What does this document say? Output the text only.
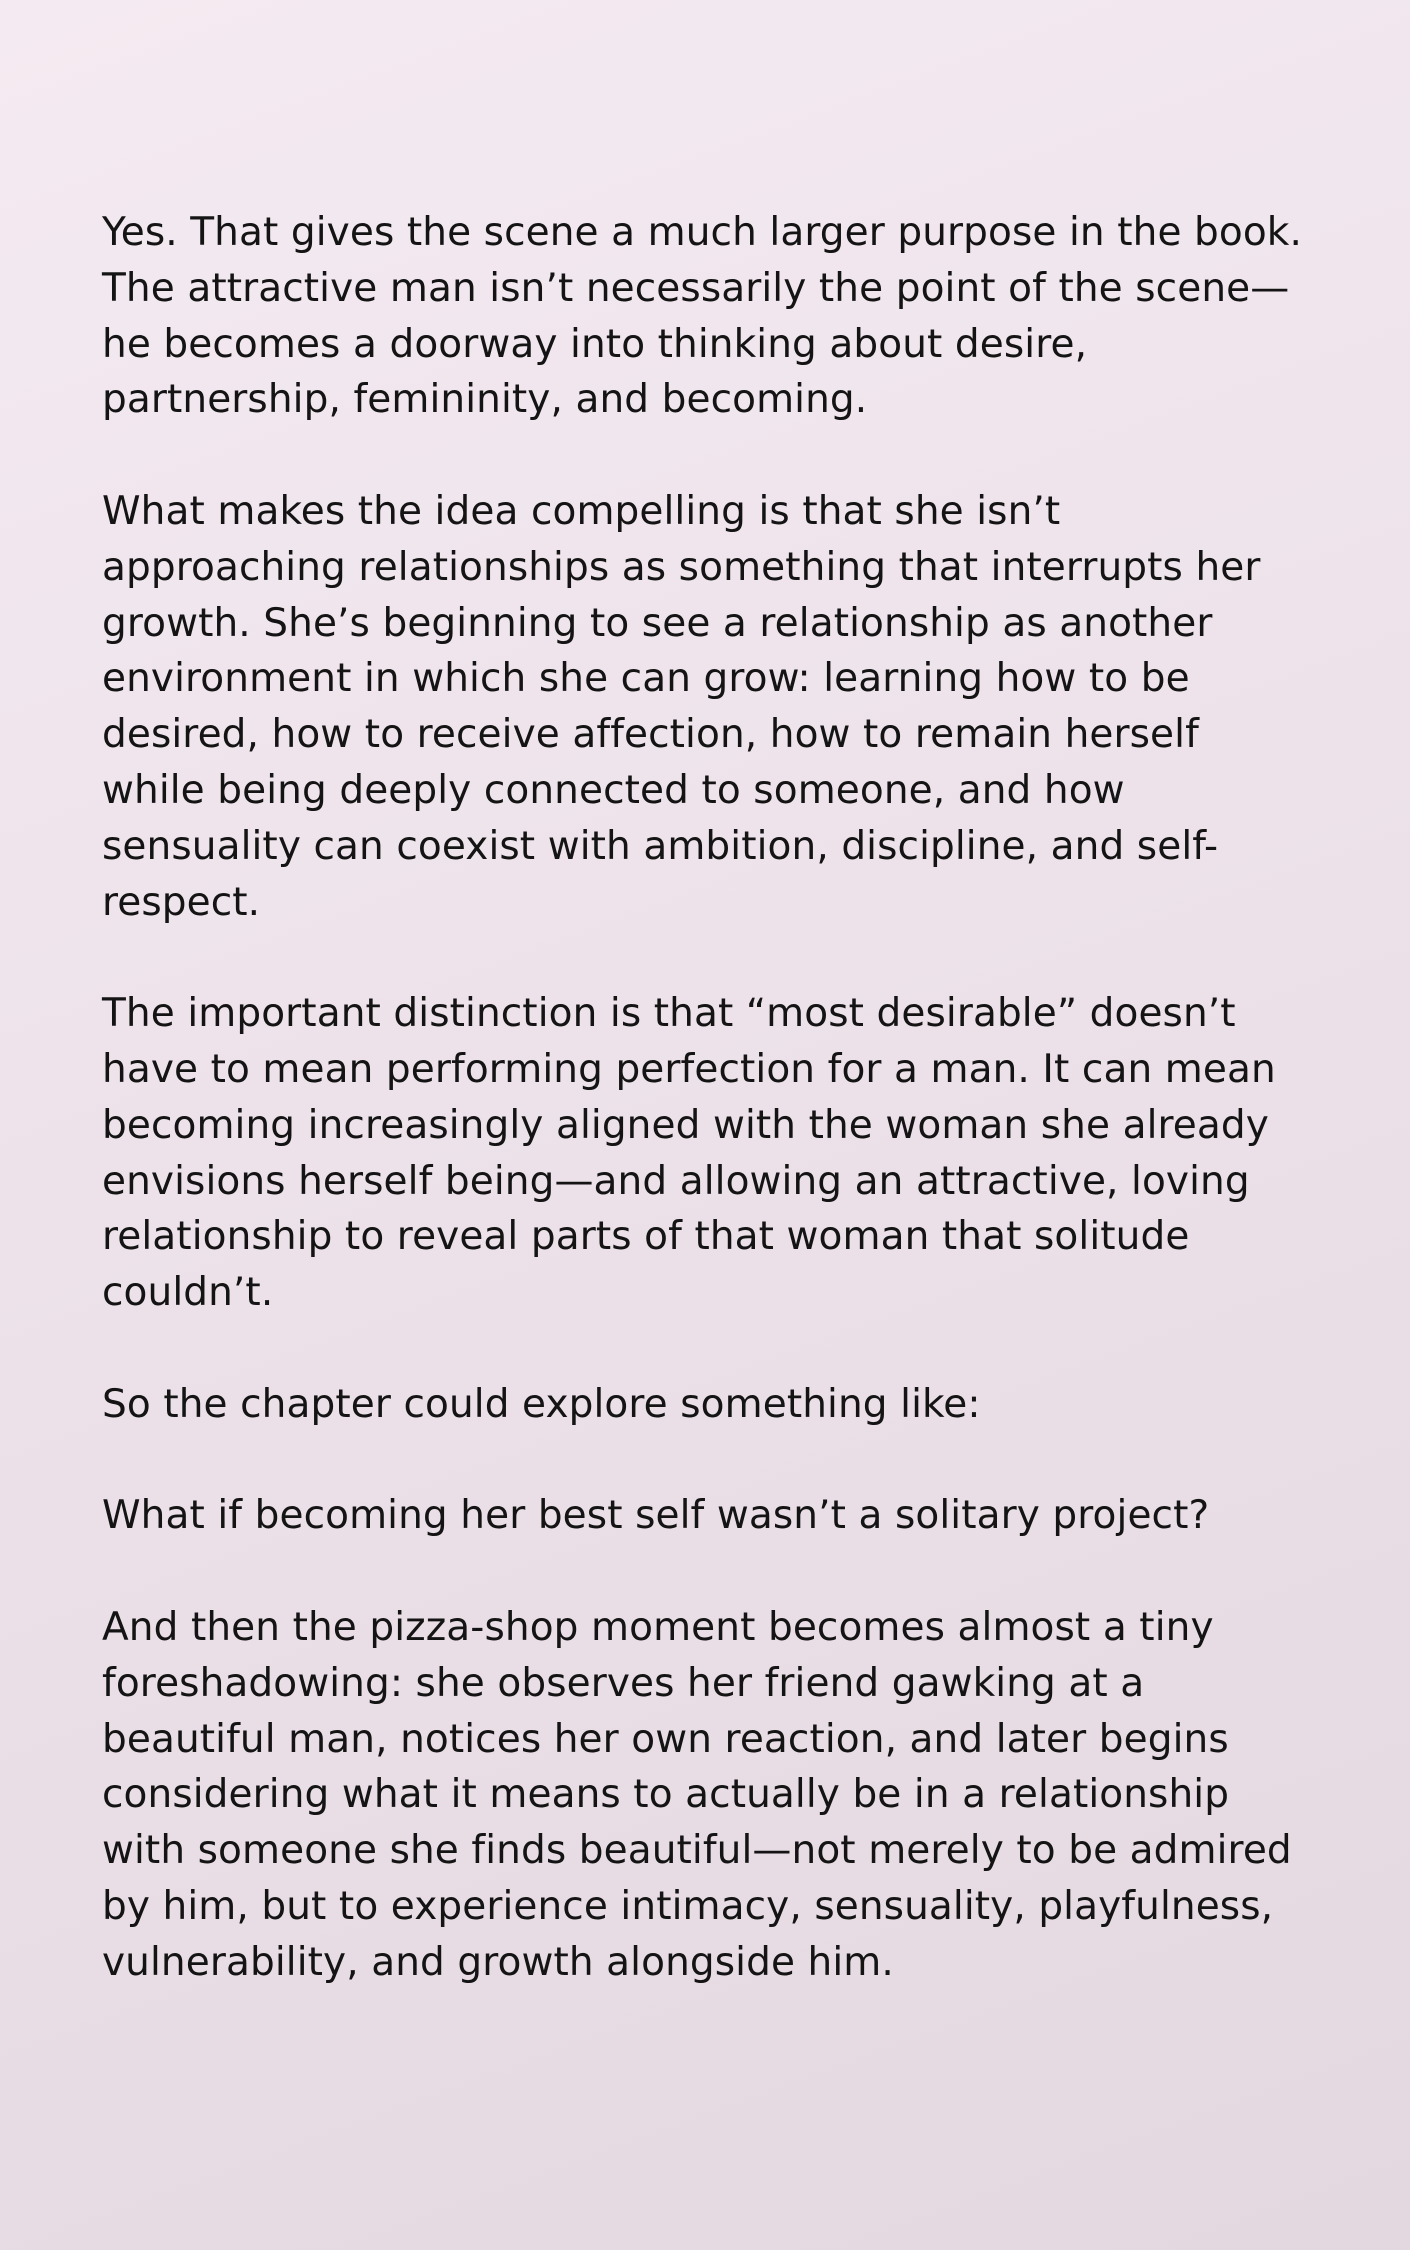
Yes. That gives the scene a much larger purpose in the book. The attractive man isn’t necessarily the point of the scene—he becomes a doorway into thinking about desire, partnership, femininity, and becoming.

What makes the idea compelling is that she isn’t approaching relationships as something that interrupts her growth. She’s beginning to see a relationship as another environment in which she can grow: learning how to be desired, how to receive affection, how to remain herself while being deeply connected to someone, and how sensuality can coexist with ambition, discipline, and self-respect.

The important distinction is that “most desirable” doesn’t have to mean performing perfection for a man. It can mean becoming increasingly aligned with the woman she already envisions herself being—and allowing an attractive, loving relationship to reveal parts of that woman that solitude couldn’t.

So the chapter could explore something like:

What if becoming her best self wasn’t a solitary project?

And then the pizza-shop moment becomes almost a tiny foreshadowing: she observes her friend gawking at a beautiful man, notices her own reaction, and later begins considering what it means to actually be in a relationship with someone she finds beautiful—not merely to be admired by him, but to experience intimacy, sensuality, playfulness, vulnerability, and growth alongside him.
